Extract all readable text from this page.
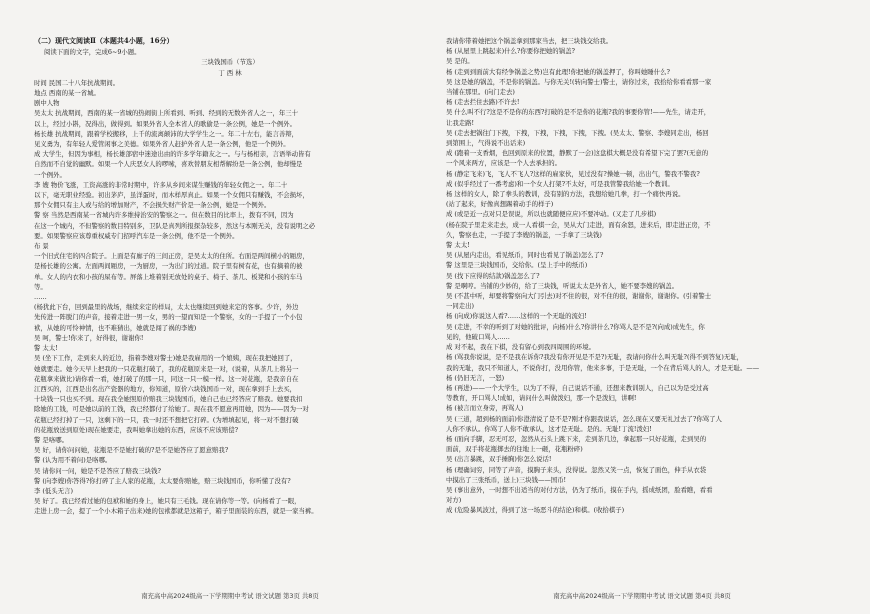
（二）现代文阅读Ⅱ（本题共4小题，16分）

阅读下面的文字，完成6~9小题。

三块钱国币（节选）

丁 西 林

时间 民国二十八年抗战期间。

地点 西南的某一省城。

剧中人物

吴太太 抗战期间，西南的某一省城的热闹街上所看到、听到、经到的无数外省人之一，年三十

以上，经过小斟，况得出，做得到。如果外省人全本省人的歌偷是一条公例，她是一个例外。

杨长雄 抗战期间，跟着学校搬移，上千的流离颠沛的大学学生之一。年二十左右，能言善辩，

见义勇为，有年轻人爱管闲事之美德。如果外省人赶护外省人是一条公例，他是一个例外。

成 大学生，但因为事相，杨长雄部宿中迷途出由的许多学年籍友之一。与与杨相亲，言语举动皆有

自然而不自觉的幽默。如果一个人庆恶女人的啰嗦，喜欢替朋友相帮解纷是一条公例，他却慢是

一个例外。

李 嫂 物价飞涨，工资高涨的非常时期中，许多从乡间来谋生赚钱的年轻女佣之一。年二十

以下，毫无职业经验。初出茅庐，虽洋蛋时，而木样厚真止。如果一个女佣只有赚钱，不会损坏，

那个女佣只有主人或与给的增加财产，不会损失财产价是一条公例，她是一个例外。

警 察 当然是西南某一省城内许多维持治安的警察之一。但在数目的比率上，拨有不同，因为

在这一个城内，不但警察的数目特别多，卫队是真列所报探杂较多，然这与本刚无关，没有说明之必

要。如果警察应该尊重权威专门招呼汽车是一条公例，他不是一个例外。

布 景

一个旧式住宅的四合院子。上面是有廊子的三间正房，是吴太太的住所。右面是两间横小的厢房，

是杨长雄的公寓。左面两间厢房，一为厨房，一为出门的过道。院子里有树有花，也有摘着的被

单。女人的内衣和小孩的屎布等。屏落上堆着别无放处的桌子、椅子、茶几、板凳和小孩的车马

等。

……

(杨犹此下台，回到最里的战场，继续来定的样局，太太也继续回到她来定的客事。少许，外边

先传进一阵脱门的声音，接着走进一男一女，男的一望而知是一个警察，女的一手提了一个小包

袱，从她的可怜神情，也不难猜出，她就是闯了祸的李嫂)

吴 呵，警士!你来了，好得很，谢谢你!

警 太太!

吴 (坐下工作，走到来人的近边，指着李嫂对警士)她是我雇用的一个娘姨，现在我把她回了，

她就要走。她今天早上把我的一只花瓶打破了，我的花瓶原来是一对，(说着，从茶几上将另一

花瓶拿来做比)请你看一看，她打破了的那一只，同这一只一模一样。这一对花瓶，是我亲自在

江西买的，江西是出名出产瓷器的地方，你知道，原价六块钱国币一对，现在拿到手上去买，

十块钱一只也买不到。现在我全她照原价赔我三块钱国币，她自己也已经答应了赔我。她要我扣

除她的工钱，可是她以前的工钱，我已经都付了给她了。现在我不愿意再用她，因为——因为一对

花瓶已经打掉了一只，这剩下的一只，我一时还不想把它打碎。(为增填起见，将一对不想打破

的花瓶放送到原处)现在她要走，我叫她拿出她的东西，应该不应该赔偿?

警 是咯哪。

吴 好，请你问问她，花瓶是不是她打破的?是不是她答应了愿意赔我?

警 (认为用不着问)是咯哪。

吴 请你问一问，她是不是答应了赔我三块钱?

警 (向李嫂)你答得?你打碎了主人家的花瓶，太太要你赔她，赔三块钱国币，你听懂了没有?

李 (低头无言)

吴 好了。我已经看过她的包袱和她的身上，她只有三毛钱。现在请你等一等。(向杨看了一眼，

走进上房一会，提了一个小木箱子出来)她的包袱都就是这箱子，箱子里面装的东西，就是一家当裤。

我请你带着她把这个锅盖拿到那家当去，把三块钱交给我。

杨 (从屋里上跳起来)什么?你要你把她的锅盖?

吴 是的。

杨 (走到到面前大有经争锅盖之势)岂有此理!你把她的锅盖押了，你叫她睡什么?

吴 这是她的锅盖，不是你的锅盖。与你无关!(转向警士)警士，请你过来，我拾给你看看那一家

当铺在那里。(向门走去)

杨 (走去拦住去路)不许去!

吴 什么叫不行?这是不是你的东西?打破的是不是你的花瓶?我的事要你管!——先生，请走开，

让我走路!

吴 (走去把锅往门下拽，下拽，下拽，下拽，下拽，下拽。(吴太太、警察、李嫂同走出，杨回

到第围上，气得说不出话来)

成 (跑着一支香烟，也回到原来的位置，静默了一会)这盘棋大概是没有希望下完了罢?(无意的

一个风来两方，应该是一个人去承担的。

杨 (静定飞来)飞，飞人不飞人?这样的雇家伙，见过没有?操她一顿，出出气，警我不警我?

成 (似乎经过了一番考虑)和一个女人打架?不太好，可是我管警我给她一个教训。

杨 这样的女人，除了拳头的教训，没有别的方法，我想给她几拳，打一个痛快再说。

(站了起来，好像真想踢着动手的样子)

成 (或是近一点对只是误说，所以也就随便应应)不要冲动。(又走了几步棋)

(杨在院子里走来走去，成一人看棋一会，吴从大门走进，面有余怒，进来后，即走进正房，不

久，警察也走，一手提了李嫂的锅盖，一手拿了三块钱)

警 太太!

吴 (从屋内走出，看见纸币，同时也看见了锅盖)怎么了?

警 这里是三块钱国币，交给你。(呈上手中的纸币)

吴 (找下应得的结款)锅盖怎么了?

警 是啊哼。当铺的少妙的，给了三块钱，听说太太是外省人，她不要李嫂的锅盖。

吴 (不甚中听，却要将警察向大门引去)对不住的很，对不住的很，谢谢你，谢谢你。(引着警士

一同走出)

杨 (向成)你说这人看?……这样的一个无耻的流妇!

吴 (走进，不幸的听到了对她的批评，向杨)什么?你讲什么?你骂人是不是?(向成)成先生，你

见的，他破口骂人……

成 对不起，我在下棋，没有留心到我四周围的环境。

杨 (骂我你说说，是不是我在诉你?我没有你开见是不是?)无耻，我请问你什么叫无耻?(得不到答复)无耻，

我的无耻，我只不知道人，不说你打，没用你管，他来多事，于是无耻，一个在背后骂人的人，才是无耻。——

杨 (仍旧无言，一怒)

杨 (再进)——一个大学生，以为了不得，自己说话不通，还想来教训别人，自己以为是受过高

等教育，开口骂人!成如，请问什么叫做泼妇，那一个是泼妇，讲啊!

杨 (被言而立身旁，再骂人)

吴 (三道，超到杨的面前)你澄清说了是不是?刚才你跟我说话，怎么现在又要无礼过去了?你骂了人

人你不承认。你骂了人你不敢承认，这才是无耻。是的。无耻!丁流!泼妇!

杨 (面向手脚，忍无可忍，忽然从石头上跳下来，走到茶几边，拿起那一只好花瓶，走到吴的

面前，双手将花瓶掷去的往地上一砸，花瓶粉碎)

吴 (出言暴跳，双手捶胸)你怎么说话!

杨 (理确词穷，同等了声音，摸胸子来头，没得说。忽然又笑一点，恢复了面色，伸手从衣袋

中摸出了三张纸币，送上)三块钱——国币!

吴 (事出意外，一时想不出适当的对付方法，仍为了纸币，摸在手内，摇成纸团，脸看瞧，看看

对方)

成 (危险暴风波过，得到了这一场恶斗的结论)和棋。(收拾棋子)

南充高中高2024级高一下学期期中考试 语文试题 第3页 共8页	南充高中高2024级高一下学期期中考试 语文试题 第4页 共8页
